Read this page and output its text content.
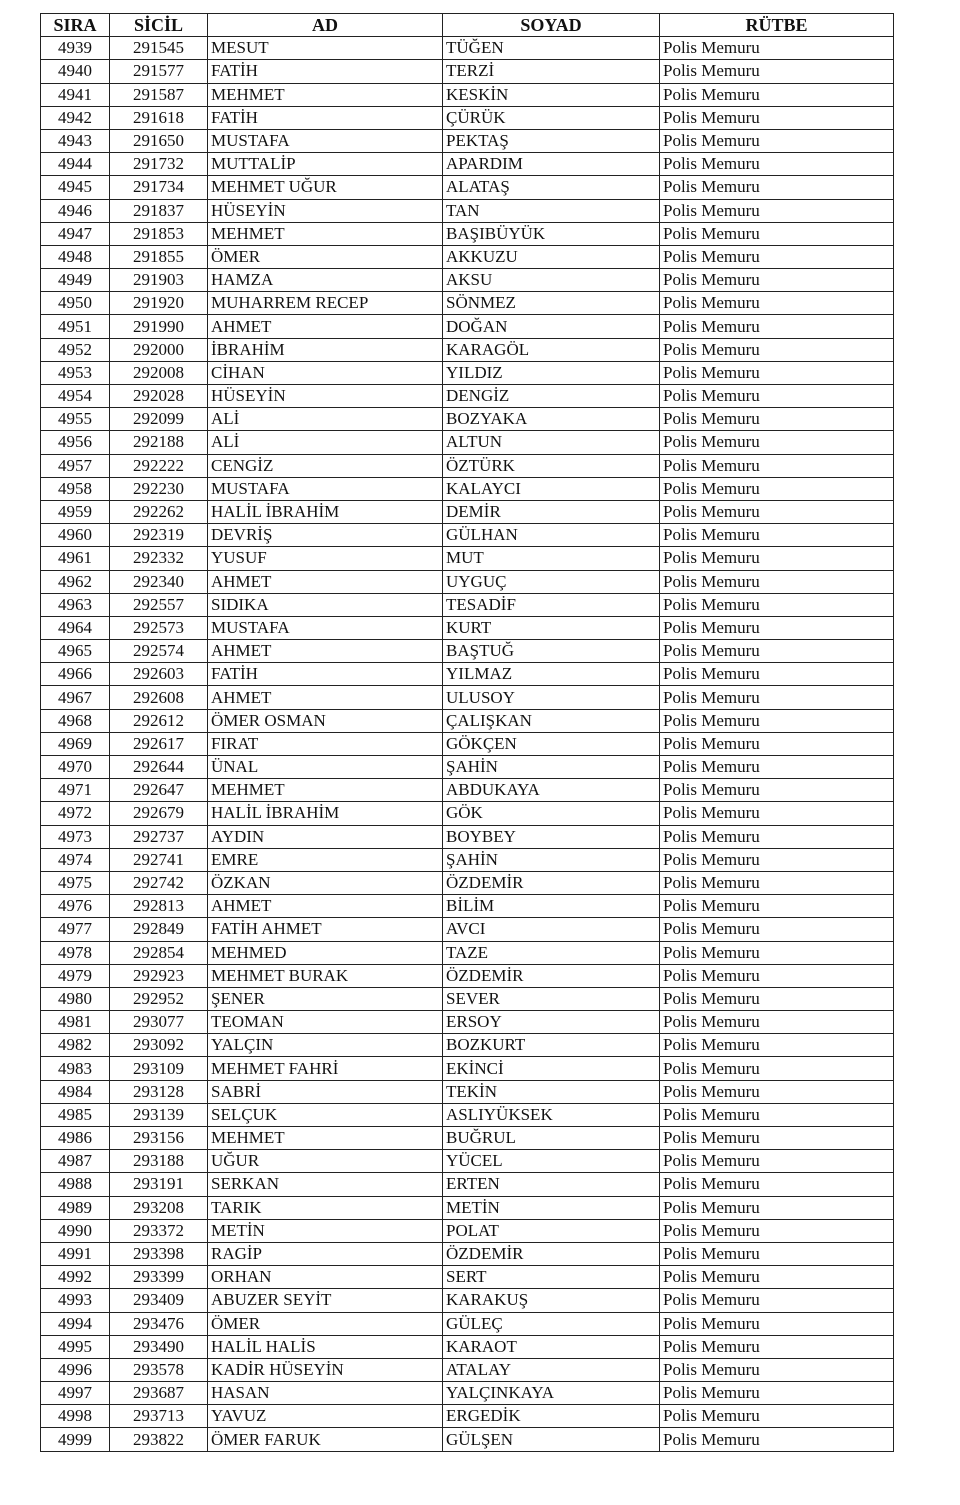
SIRA	SİCİL	AD	SOYAD	RÜTBE
4939	291545	MESUT	TÜĞEN	Polis Memuru
4940	291577	FATİH	TERZİ	Polis Memuru
4941	291587	MEHMET	KESKİN	Polis Memuru
4942	291618	FATİH	ÇÜRÜK	Polis Memuru
4943	291650	MUSTAFA	PEKTAŞ	Polis Memuru
4944	291732	MUTTALİP	APARDIM	Polis Memuru
4945	291734	MEHMET UĞUR	ALATAŞ	Polis Memuru
4946	291837	HÜSEYİN	TAN	Polis Memuru
4947	291853	MEHMET	BAŞIBÜYÜK	Polis Memuru
4948	291855	ÖMER	AKKUZU	Polis Memuru
4949	291903	HAMZA	AKSU	Polis Memuru
4950	291920	MUHARREM RECEP	SÖNMEZ	Polis Memuru
4951	291990	AHMET	DOĞAN	Polis Memuru
4952	292000	İBRAHİM	KARAGÖL	Polis Memuru
4953	292008	CİHAN	YILDIZ	Polis Memuru
4954	292028	HÜSEYİN	DENGİZ	Polis Memuru
4955	292099	ALİ	BOZYAKA	Polis Memuru
4956	292188	ALİ	ALTUN	Polis Memuru
4957	292222	CENGİZ	ÖZTÜRK	Polis Memuru
4958	292230	MUSTAFA	KALAYCI	Polis Memuru
4959	292262	HALİL İBRAHİM	DEMİR	Polis Memuru
4960	292319	DEVRİŞ	GÜLHAN	Polis Memuru
4961	292332	YUSUF	MUT	Polis Memuru
4962	292340	AHMET	UYGUÇ	Polis Memuru
4963	292557	SIDIKA	TESADİF	Polis Memuru
4964	292573	MUSTAFA	KURT	Polis Memuru
4965	292574	AHMET	BAŞTUĞ	Polis Memuru
4966	292603	FATİH	YILMAZ	Polis Memuru
4967	292608	AHMET	ULUSOY	Polis Memuru
4968	292612	ÖMER OSMAN	ÇALIŞKAN	Polis Memuru
4969	292617	FIRAT	GÖKÇEN	Polis Memuru
4970	292644	ÜNAL	ŞAHİN	Polis Memuru
4971	292647	MEHMET	ABDUKAYA	Polis Memuru
4972	292679	HALİL İBRAHİM	GÖK	Polis Memuru
4973	292737	AYDIN	BOYBEY	Polis Memuru
4974	292741	EMRE	ŞAHİN	Polis Memuru
4975	292742	ÖZKAN	ÖZDEMİR	Polis Memuru
4976	292813	AHMET	BİLİM	Polis Memuru
4977	292849	FATİH AHMET	AVCI	Polis Memuru
4978	292854	MEHMED	TAZE	Polis Memuru
4979	292923	MEHMET BURAK	ÖZDEMİR	Polis Memuru
4980	292952	ŞENER	SEVER	Polis Memuru
4981	293077	TEOMAN	ERSOY	Polis Memuru
4982	293092	YALÇIN	BOZKURT	Polis Memuru
4983	293109	MEHMET FAHRİ	EKİNCİ	Polis Memuru
4984	293128	SABRİ	TEKİN	Polis Memuru
4985	293139	SELÇUK	ASLIYÜKSEK	Polis Memuru
4986	293156	MEHMET	BUĞRUL	Polis Memuru
4987	293188	UĞUR	YÜCEL	Polis Memuru
4988	293191	SERKAN	ERTEN	Polis Memuru
4989	293208	TARIK	METİN	Polis Memuru
4990	293372	METİN	POLAT	Polis Memuru
4991	293398	RAGİP	ÖZDEMİR	Polis Memuru
4992	293399	ORHAN	SERT	Polis Memuru
4993	293409	ABUZER SEYİT	KARAKUŞ	Polis Memuru
4994	293476	ÖMER	GÜLEÇ	Polis Memuru
4995	293490	HALİL HALİS	KARAOT	Polis Memuru
4996	293578	KADİR HÜSEYİN	ATALAY	Polis Memuru
4997	293687	HASAN	YALÇINKAYA	Polis Memuru
4998	293713	YAVUZ	ERGEDİK	Polis Memuru
4999	293822	ÖMER FARUK	GÜLŞEN	Polis Memuru
